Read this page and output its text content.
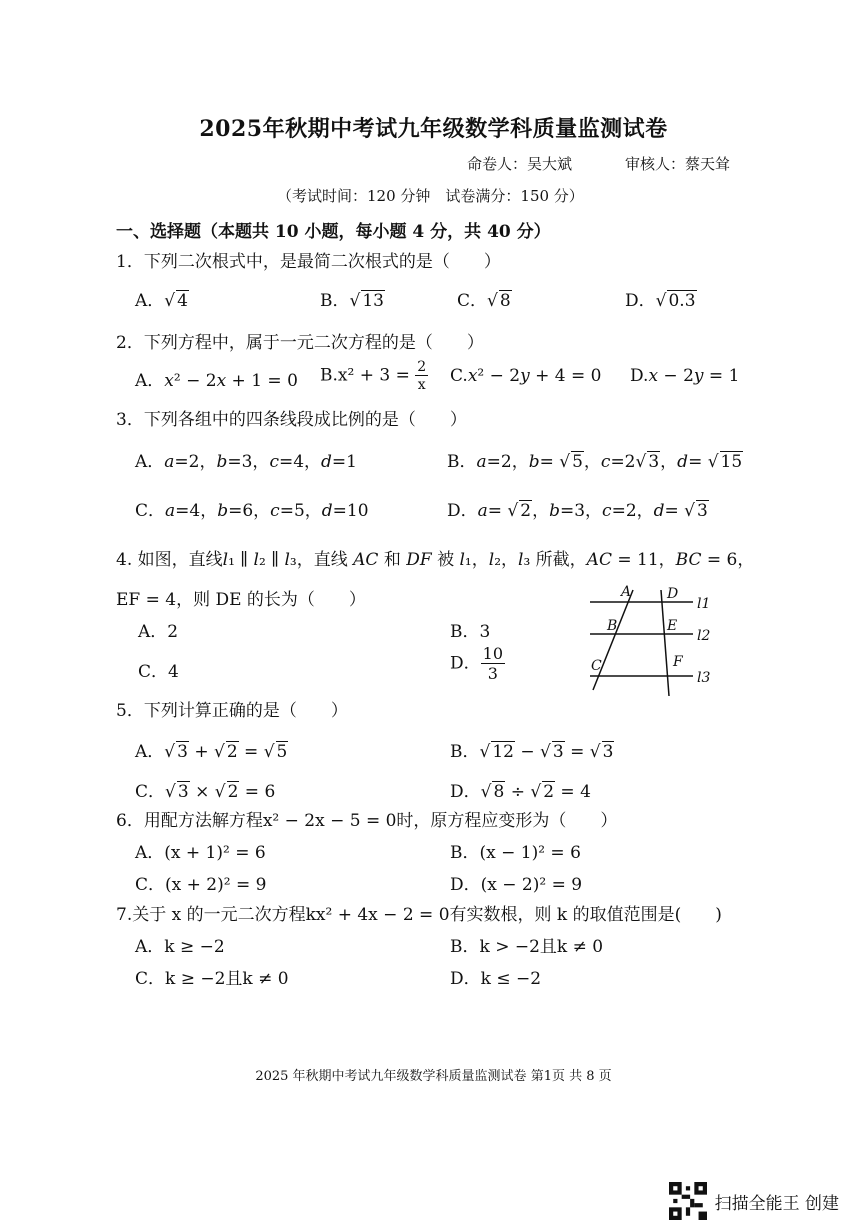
2025年秋期中考试九年级数学科质量监测试卷
命卷人：吴大斌	审核人：蔡天耸
（考试时间：120 分钟　试卷满分：150 分）
一、选择题（本题共 10 小题，每小题 4 分，共 40 分）
1．下列二次根式中，是最简二次根式的是（　　）
A．√ 4	B．√ 13	C．√ 8	D．√ 0.3
2．下列方程中，属于一元二次方程的是（　　）
A．x² − 2x + 1 = 0 $B.x^2 + 3 = \frac{2}{x} C.x^2 - 2y + 4 = 0$ D.x − 2y = 1
3．下列各组中的四条线段成比例的是（　　）
A．a=2，b=3，c=4，d=1	B．a=2，b= √ 5，c=2√ 3，d= √ 15
C．a=4，b=6，c=5，d=10	D．a= √ 2，b=3，c=2，d= √ 3
4. 如图，直线l₁ ∥ l₂ ∥ l₃，直线 AC 和 DF 被 l₁，l₂，l₃ 所截，AC = 11，BC = 6，
EF = 4，则 DE 的长为（　　）
A．2	B．3
C．4	D． $\frac{10}{3}$
A	D
B	E
C	F
l1
l2
l3
5．下列计算正确的是（　　）
A．√ 3 + √ 2 = √ 5	B．√ 12 − √ 3 = √ 3
C．√ 3 × √ 2 = 6	D．√ 8 ÷ √ 2 = 4
6．用配方法解方程x² − 2x − 5 = 0时，原方程应变形为（　　）
A．(x + 1)² = 6	B．(x − 1)² = 6
C．(x + 2)² = 9	D．(x − 2)² = 9
7.关于 x 的一元二次方程kx² + 4x − 2 = 0有实数根，则 k 的取值范围是(　　)
A．k ≥ −2	B．k > −2且k ≠ 0
C．k ≥ −2且k ≠ 0	D．k ≤ −2
2025 年秋期中考试九年级数学科质量监测试卷 第1页 共 8 页
扫描全能王 创建
